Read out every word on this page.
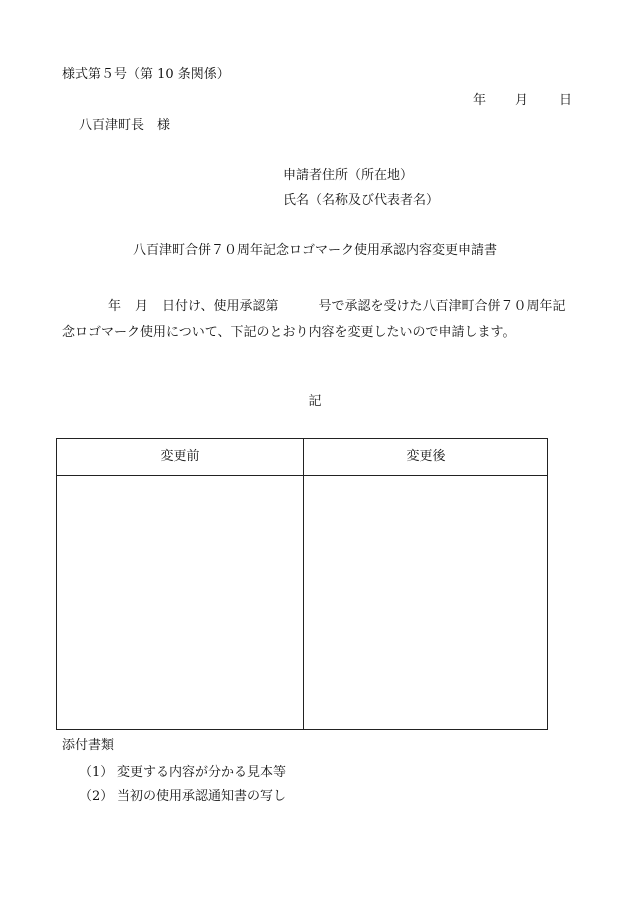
様式第５号（第 10 条関係）
年 月 日
八百津町長　様
申請者住所（所在地）
氏名（名称及び代表者名）
八百津町合併７０周年記念ロゴマーク使用承認内容変更申請書
年 月 日付け、使用承認第	号で承認を受けた八百津町合併７０周年記念ロゴマーク使用について、下記のとおり内容を変更したいので申請します。
記
変更前	変更後
添付書類
（1） 変更する内容が分かる見本等
（2） 当初の使用承認通知書の写し
